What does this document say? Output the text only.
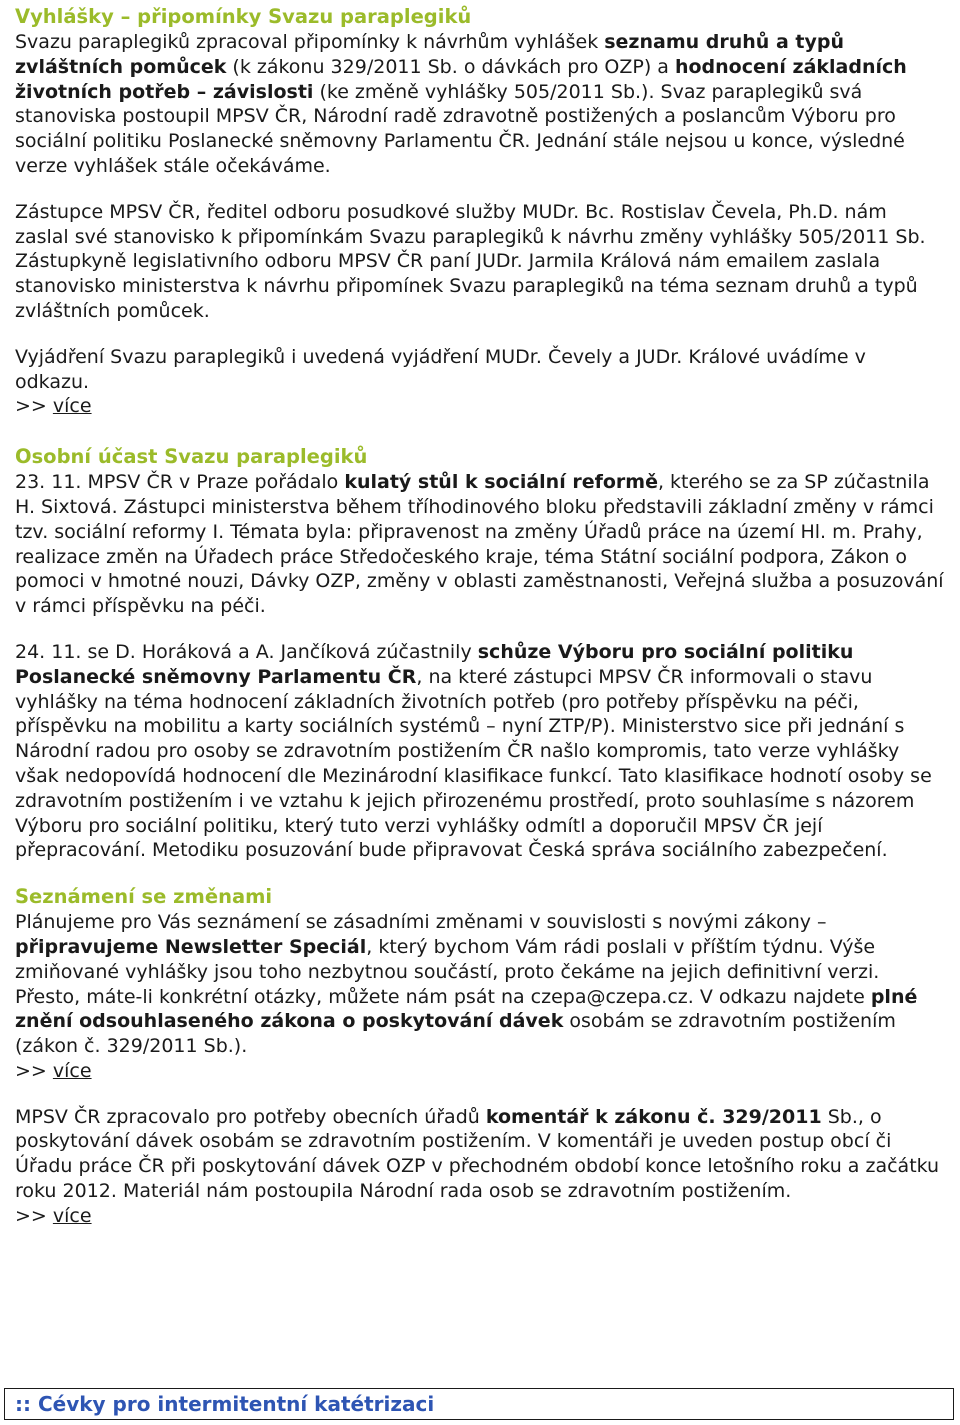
Vyhlášky – připomínky Svazu paraplegiků

Svazu paraplegiků zpracoval připomínky k návrhům vyhlášek seznamu druhů a typů zvláštních pomůcek (k zákonu 329/2011 Sb. o dávkách pro OZP) a hodnocení základních životních potřeb – závislosti (ke změně vyhlášky 505/2011 Sb.). Svaz paraplegiků svá stanoviska postoupil MPSV ČR, Národní radě zdravotně postižených a poslancům Výboru pro sociální politiku Poslanecké sněmovny Parlamentu ČR. Jednání stále nejsou u konce, výsledné verze vyhlášek stále očekáváme.

Zástupce MPSV ČR, ředitel odboru posudkové služby MUDr. Bc. Rostislav Čevela, Ph.D. nám zaslal své stanovisko k připomínkám Svazu paraplegiků k návrhu změny vyhlášky 505/2011 Sb.

Zástupkyně legislativního odboru MPSV ČR paní JUDr. Jarmila Králová nám emailem zaslala stanovisko ministerstva k návrhu připomínek Svazu paraplegiků na téma seznam druhů a typů zvláštních pomůcek.

Vyjádření Svazu paraplegiků i uvedená vyjádření MUDr. Čevely a JUDr. Králové uvádíme v odkazu.

>> více

Osobní účast Svazu paraplegiků

23. 11. MPSV ČR v Praze pořádalo kulatý stůl k sociální reformě, kterého se za SP zúčastnila H. Sixtová. Zástupci ministerstva během tříhodinového bloku představili základní změny v rámci tzv. sociální reformy I. Témata byla: připravenost na změny Úřadů práce na území Hl. m. Prahy, realizace změn na Úřadech práce Středočeského kraje, téma Státní sociální podpora, Zákon o pomoci v hmotné nouzi, Dávky OZP, změny v oblasti zaměstnanosti, Veřejná služba a posuzování v rámci příspěvku na péči.

24. 11. se D. Horáková a A. Jančíková zúčastnily schůze Výboru pro sociální politiku Poslanecké sněmovny Parlamentu ČR, na které zástupci MPSV ČR informovali o stavu vyhlášky na téma hodnocení základních životních potřeb (pro potřeby příspěvku na péči, příspěvku na mobilitu a karty sociálních systémů – nyní ZTP/P). Ministerstvo sice při jednání s Národní radou pro osoby se zdravotním postižením ČR našlo kompromis, tato verze vyhlášky však nedopovídá hodnocení dle Mezinárodní klasifikace funkcí. Tato klasifikace hodnotí osoby se zdravotním postižením i ve vztahu k jejich přirozenému prostředí, proto souhlasíme s názorem Výboru pro sociální politiku, který tuto verzi vyhlášky odmítl a doporučil MPSV ČR její přepracování. Metodiku posuzování bude připravovat Česká správa sociálního zabezpečení.

Seznámení se změnami

Plánujeme pro Vás seznámení se zásadními změnami v souvislosti s novými zákony – připravujeme Newsletter Speciál, který bychom Vám rádi poslali v příštím týdnu. Výše zmiňované vyhlášky jsou toho nezbytnou součástí, proto čekáme na jejich definitivní verzi. Přesto, máte-li konkrétní otázky, můžete nám psát na czepa@czepa.cz. V odkazu najdete plné znění odsouhlaseného zákona o poskytování dávek osobám se zdravotním postižením (zákon č. 329/2011 Sb.).

>> více

MPSV ČR zpracovalo pro potřeby obecních úřadů komentář k zákonu č. 329/2011 Sb., o poskytování dávek osobám se zdravotním postižením. V komentáři je uveden postup obcí či Úřadu práce ČR při poskytování dávek OZP v přechodném období konce letošního roku a začátku roku 2012. Materiál nám postoupila Národní rada osob se zdravotním postižením.

>> více

:: Cévky pro intermitentní katétrizaci
